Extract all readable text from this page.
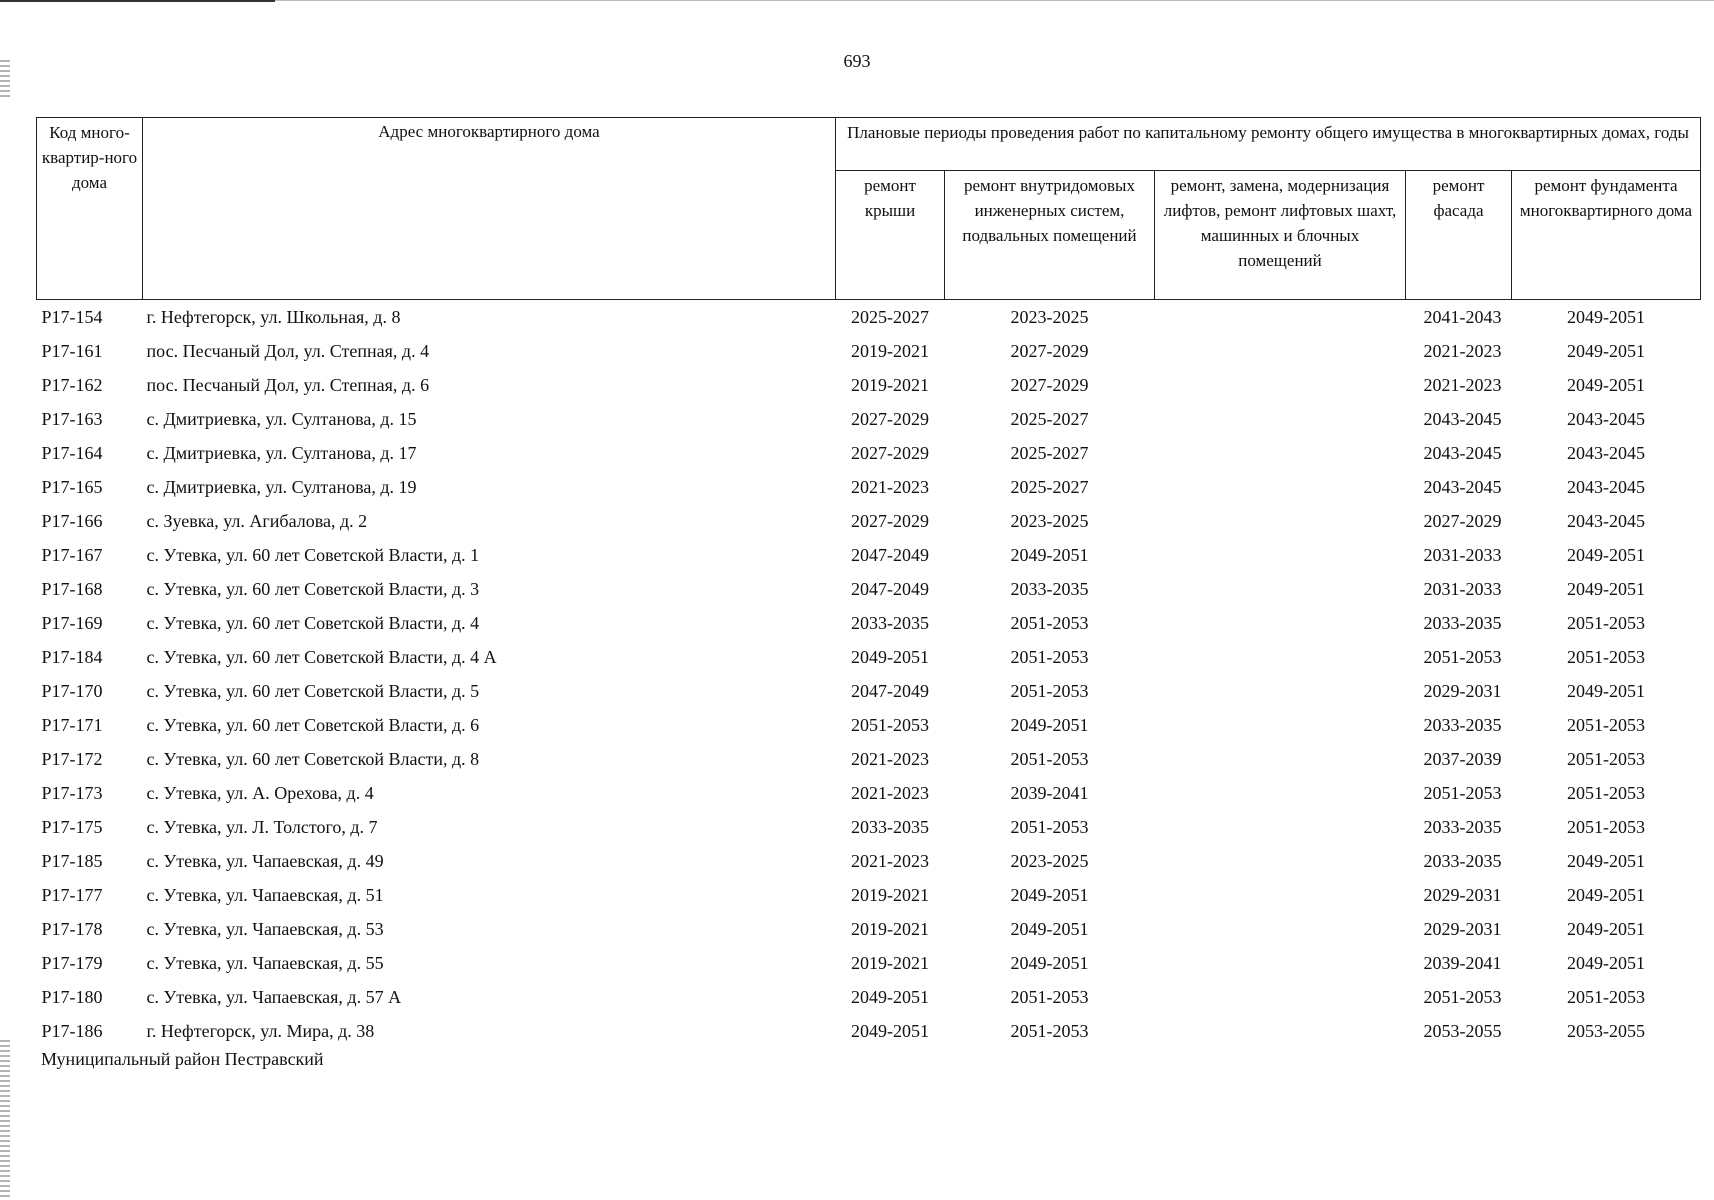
693
Код много-квартир-ного дома	Адрес многоквартирного дома	Плановые периоды проведения работ по капитальному ремонту общего имущества в многоквартирных домах, годы				
		ремонт крыши	ремонт внутридомовых инженерных систем, подвальных помещений	ремонт, замена, модернизация лифтов, ремонт лифтовых шахт, машинных и блочных помещений	ремонт фасада	ремонт фундамента многоквартирного дома
P17-154	г. Нефтегорск, ул. Школьная, д. 8	2025-2027	2023-2025		2041-2043	2049-2051
P17-161	пос. Песчаный Дол, ул. Степная, д. 4	2019-2021	2027-2029		2021-2023	2049-2051
P17-162	пос. Песчаный Дол, ул. Степная, д. 6	2019-2021	2027-2029		2021-2023	2049-2051
P17-163	с. Дмитриевка, ул. Султанова, д. 15	2027-2029	2025-2027		2043-2045	2043-2045
P17-164	с. Дмитриевка, ул. Султанова, д. 17	2027-2029	2025-2027		2043-2045	2043-2045
P17-165	с. Дмитриевка, ул. Султанова, д. 19	2021-2023	2025-2027		2043-2045	2043-2045
P17-166	с. Зуевка, ул. Агибалова, д. 2	2027-2029	2023-2025		2027-2029	2043-2045
P17-167	с. Утевка, ул. 60 лет Советской Власти, д. 1	2047-2049	2049-2051		2031-2033	2049-2051
P17-168	с. Утевка, ул. 60 лет Советской Власти, д. 3	2047-2049	2033-2035		2031-2033	2049-2051
P17-169	с. Утевка, ул. 60 лет Советской Власти, д. 4	2033-2035	2051-2053		2033-2035	2051-2053
P17-184	с. Утевка, ул. 60 лет Советской Власти, д. 4 А	2049-2051	2051-2053		2051-2053	2051-2053
P17-170	с. Утевка, ул. 60 лет Советской Власти, д. 5	2047-2049	2051-2053		2029-2031	2049-2051
P17-171	с. Утевка, ул. 60 лет Советской Власти, д. 6	2051-2053	2049-2051		2033-2035	2051-2053
P17-172	с. Утевка, ул. 60 лет Советской Власти, д. 8	2021-2023	2051-2053		2037-2039	2051-2053
P17-173	с. Утевка, ул. А. Орехова, д. 4	2021-2023	2039-2041		2051-2053	2051-2053
P17-175	с. Утевка, ул. Л. Толстого, д. 7	2033-2035	2051-2053		2033-2035	2051-2053
P17-185	с. Утевка, ул. Чапаевская, д. 49	2021-2023	2023-2025		2033-2035	2049-2051
P17-177	с. Утевка, ул. Чапаевская, д. 51	2019-2021	2049-2051		2029-2031	2049-2051
P17-178	с. Утевка, ул. Чапаевская, д. 53	2019-2021	2049-2051		2029-2031	2049-2051
P17-179	с. Утевка, ул. Чапаевская, д. 55	2019-2021	2049-2051		2039-2041	2049-2051
P17-180	с. Утевка, ул. Чапаевская, д. 57 А	2049-2051	2051-2053		2051-2053	2051-2053
P17-186	г. Нефтегорск, ул. Мира, д. 38	2049-2051	2051-2053		2053-2055	2053-2055
Муниципальный район Пестравский
